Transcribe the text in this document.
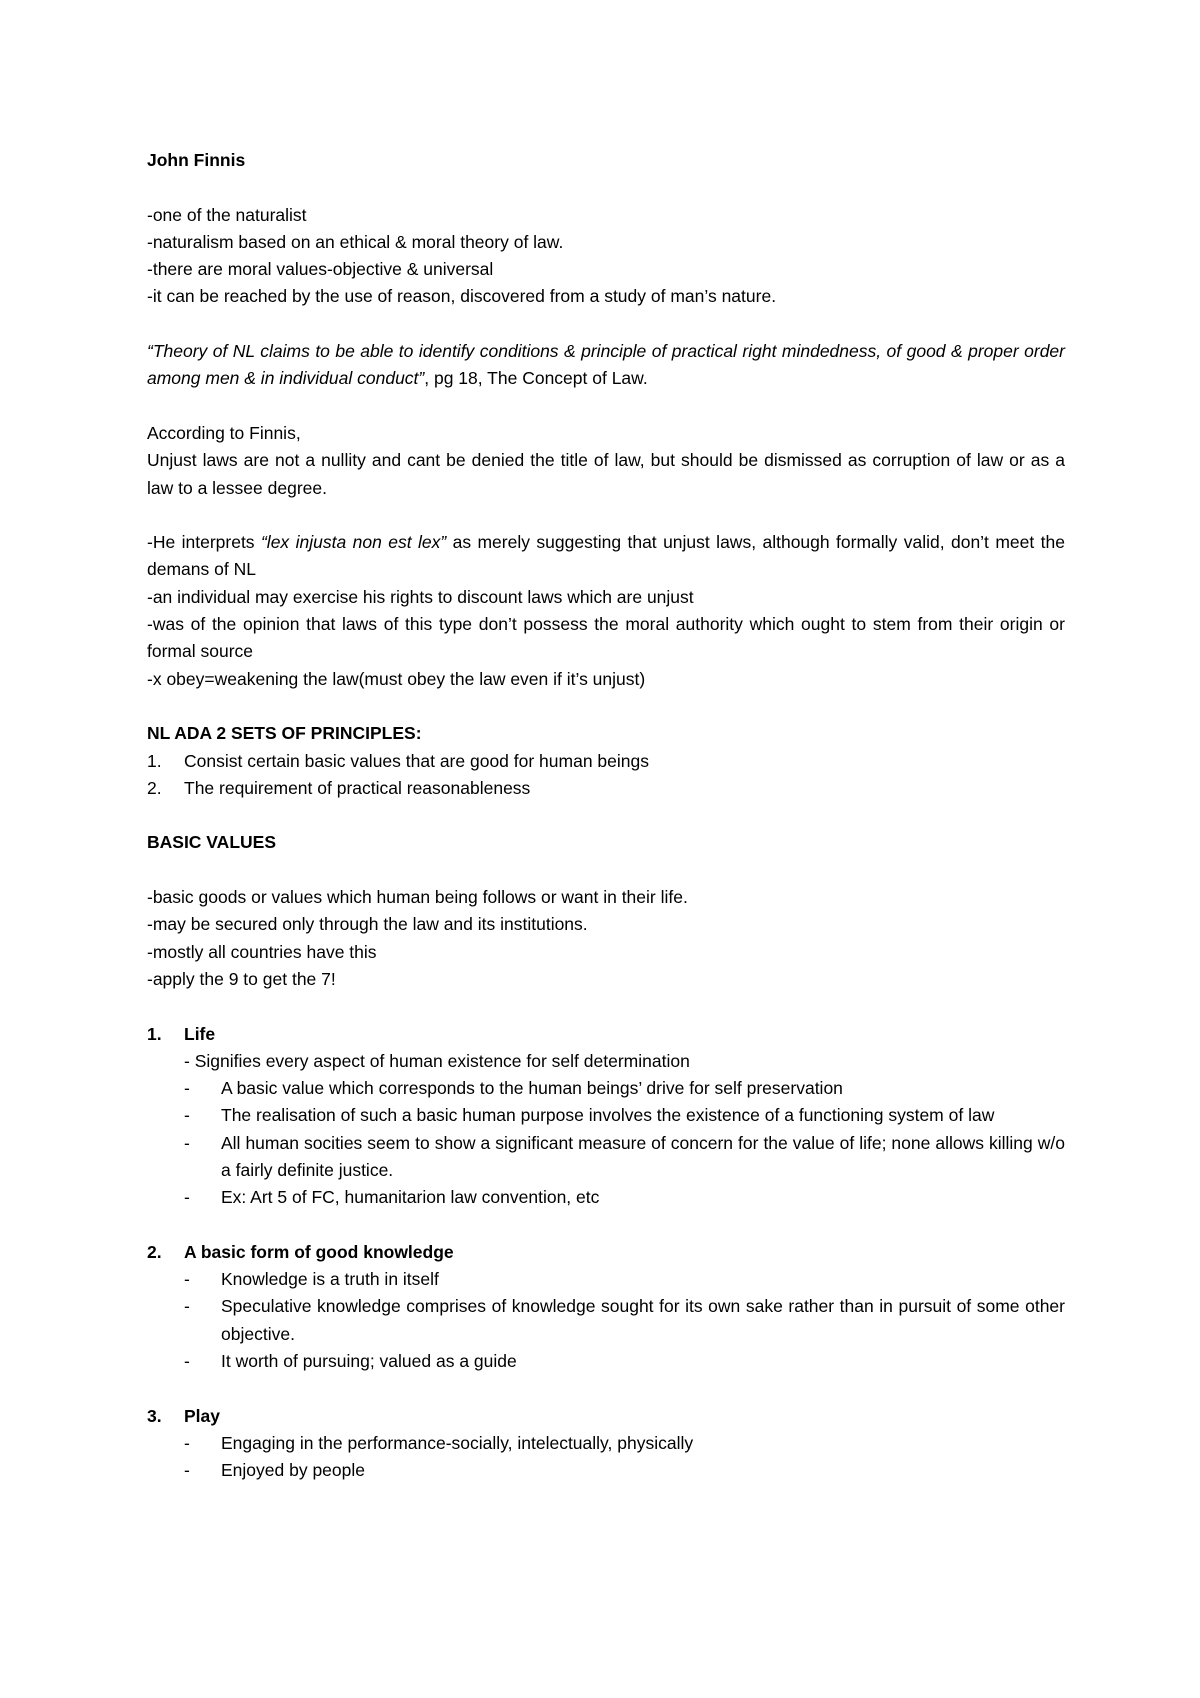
John Finnis

-one of the naturalist

-naturalism based on an ethical & moral theory of law.

-there are moral values-objective & universal

-it can be reached by the use of reason, discovered from a study of man’s nature.

“Theory of NL claims to be able to identify conditions & principle of practical right mindedness, of good & proper order among men & in individual conduct”, pg 18, The Concept of Law.

According to Finnis,

Unjust laws are not a nullity and cant be denied the title of law, but should be dismissed as corruption of law or as a law to a lessee degree.

-He interprets “lex injusta non est lex” as merely suggesting that unjust laws, although formally valid, don’t meet the demans of NL

-an individual may exercise his rights to discount laws which are unjust

-was of the opinion that laws of this type don’t possess the moral authority which ought to stem from their origin or formal source

-x obey=weakening the law(must obey the law even if it’s unjust)

NL ADA 2 SETS OF PRINCIPLES:

1.	Consist certain basic values that are good for human beings
2.	The requirement of practical reasonableness

BASIC VALUES

-basic goods or values which human being follows or want in their life.

-may be secured only through the law and its institutions.

-mostly all countries have this

-apply the 9 to get the 7!

1.	Life

- Signifies every aspect of human existence for self determination

-	A basic value which corresponds to the human beings’ drive for self preservation
-	The realisation of such a basic human purpose involves the existence of a functioning system of law
-	All human socities seem to show a significant measure of concern for the value of life; none allows killing w/o a fairly definite justice.
-	Ex: Art 5 of FC, humanitarion law convention, etc
2.	A basic form of good knowledge
-	Knowledge is a truth in itself
-	Speculative knowledge comprises of knowledge sought for its own sake rather than in pursuit of some other objective.
-	It worth of pursuing; valued as a guide
3.	Play
-	Engaging in the performance-socially, intelectually, physically
-	Enjoyed by people
